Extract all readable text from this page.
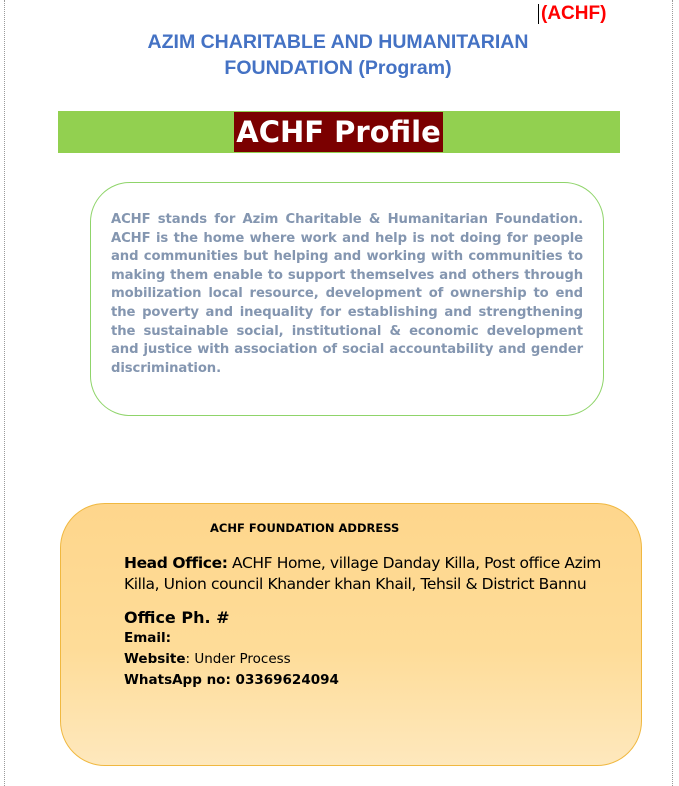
(ACHF)
AZIM CHARITABLE AND HUMANITARIAN
FOUNDATION (Program)
ACHF Profile
ACHF stands for Azim Charitable & Humanitarian Foundation. ACHF is the home where work and help is not doing for people and communities but helping and working with communities to making them enable to support themselves and others through mobilization local resource, development of ownership to end the poverty and inequality for establishing and strengthening the sustainable social, institutional & economic development and justice with association of social accountability and gender discrimination.
ACHF FOUNDATION ADDRESS
Head Office: ACHF Home, village Danday Killa, Post office Azim Killa, Union council Khander khan Khail, Tehsil & District Bannu
Office Ph. #
Email:
Website: Under Process
WhatsApp no: 03369624094
